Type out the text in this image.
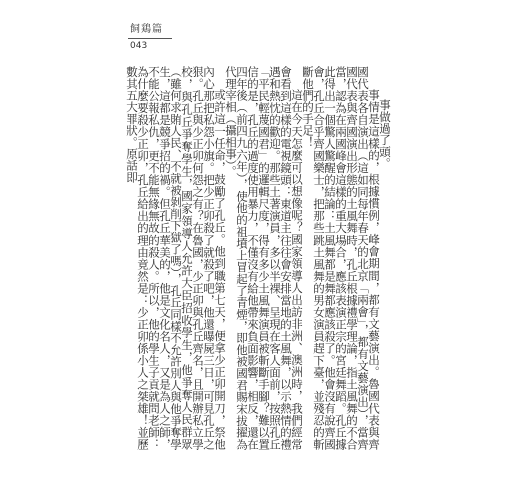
飼鶏篇
043

事做過了頭。

事情是這樣的，根據慣例，峰會期間，都有文藝演出。魯國代表與齊國代表各自演出（這如同每年春天的北京「兩會」，都有文藝演出），當齊國代表與齊國演出形態的土風舞時，孔丘根據禮學理論，指土風舞的不合當，認為在兩國峰會這樣的重大場合，應該表演正宗的宮廷舞蹈。孔丘據此得出一個驚人驚醒的結論：土風舞都是舞都應該殺了。他會沒有說齊國會，孔丘合乎齊國樂士，把那些跳土風舞的男女演員趕下臺，並殘忍的斬斷他們的手足！

這在今天怎麼可以想像呢？國家領導人出訪非洲、澳洲時，我們經常會看到這樣的電視鏡頭：東道主往往會安排當地的土風舞，以示熱情的禮遇和熱忱的歡迎。那些土著演員，多以半裸、呈現在客人面前，按照孔丘「平民輕蔑國君」的邏輯尺度，得有多少土風舞演員被斬斷手腳？難以置信的是，孔丘的過度使用暴力，不僅沒有給他帶來負面影響，相反，還在四年後（前四九六年），使他的祖墳上冒起了青煙，即他被國君賜宋拔擢為代理宰相（攝相事）。

或許這一任命，鼓勵了孔丘。他到職第七天，便拿少正卯開刀，祭他內心那把私怨小旗。把少正卯殺了就殺了吧，他還曝屍三日，可見孔丘之狠。孔丘與少正卯何怨之有？在魯國，少正卯與孔丘齊名，且開辦私立學校，與孔丘爭奪學生，國家領導人允許大臣招收學生，他爭奪人民群眾（雖何求賄人民、不就被剝削下獄了嗎），孔丘同樣不允許別人與他爭奪學生，這都是競爭招的禍。但孔丘華美的，他是文化名人，又是為人之師，不能公報私仇，更不能無緣無故的殺人。所以，他的學生子貢就問老師：為什麼要殺少正卯，孔丘給出的理由竟然是：少正卯係小人之桀雄！並歷數其五大罪狀。原話即
